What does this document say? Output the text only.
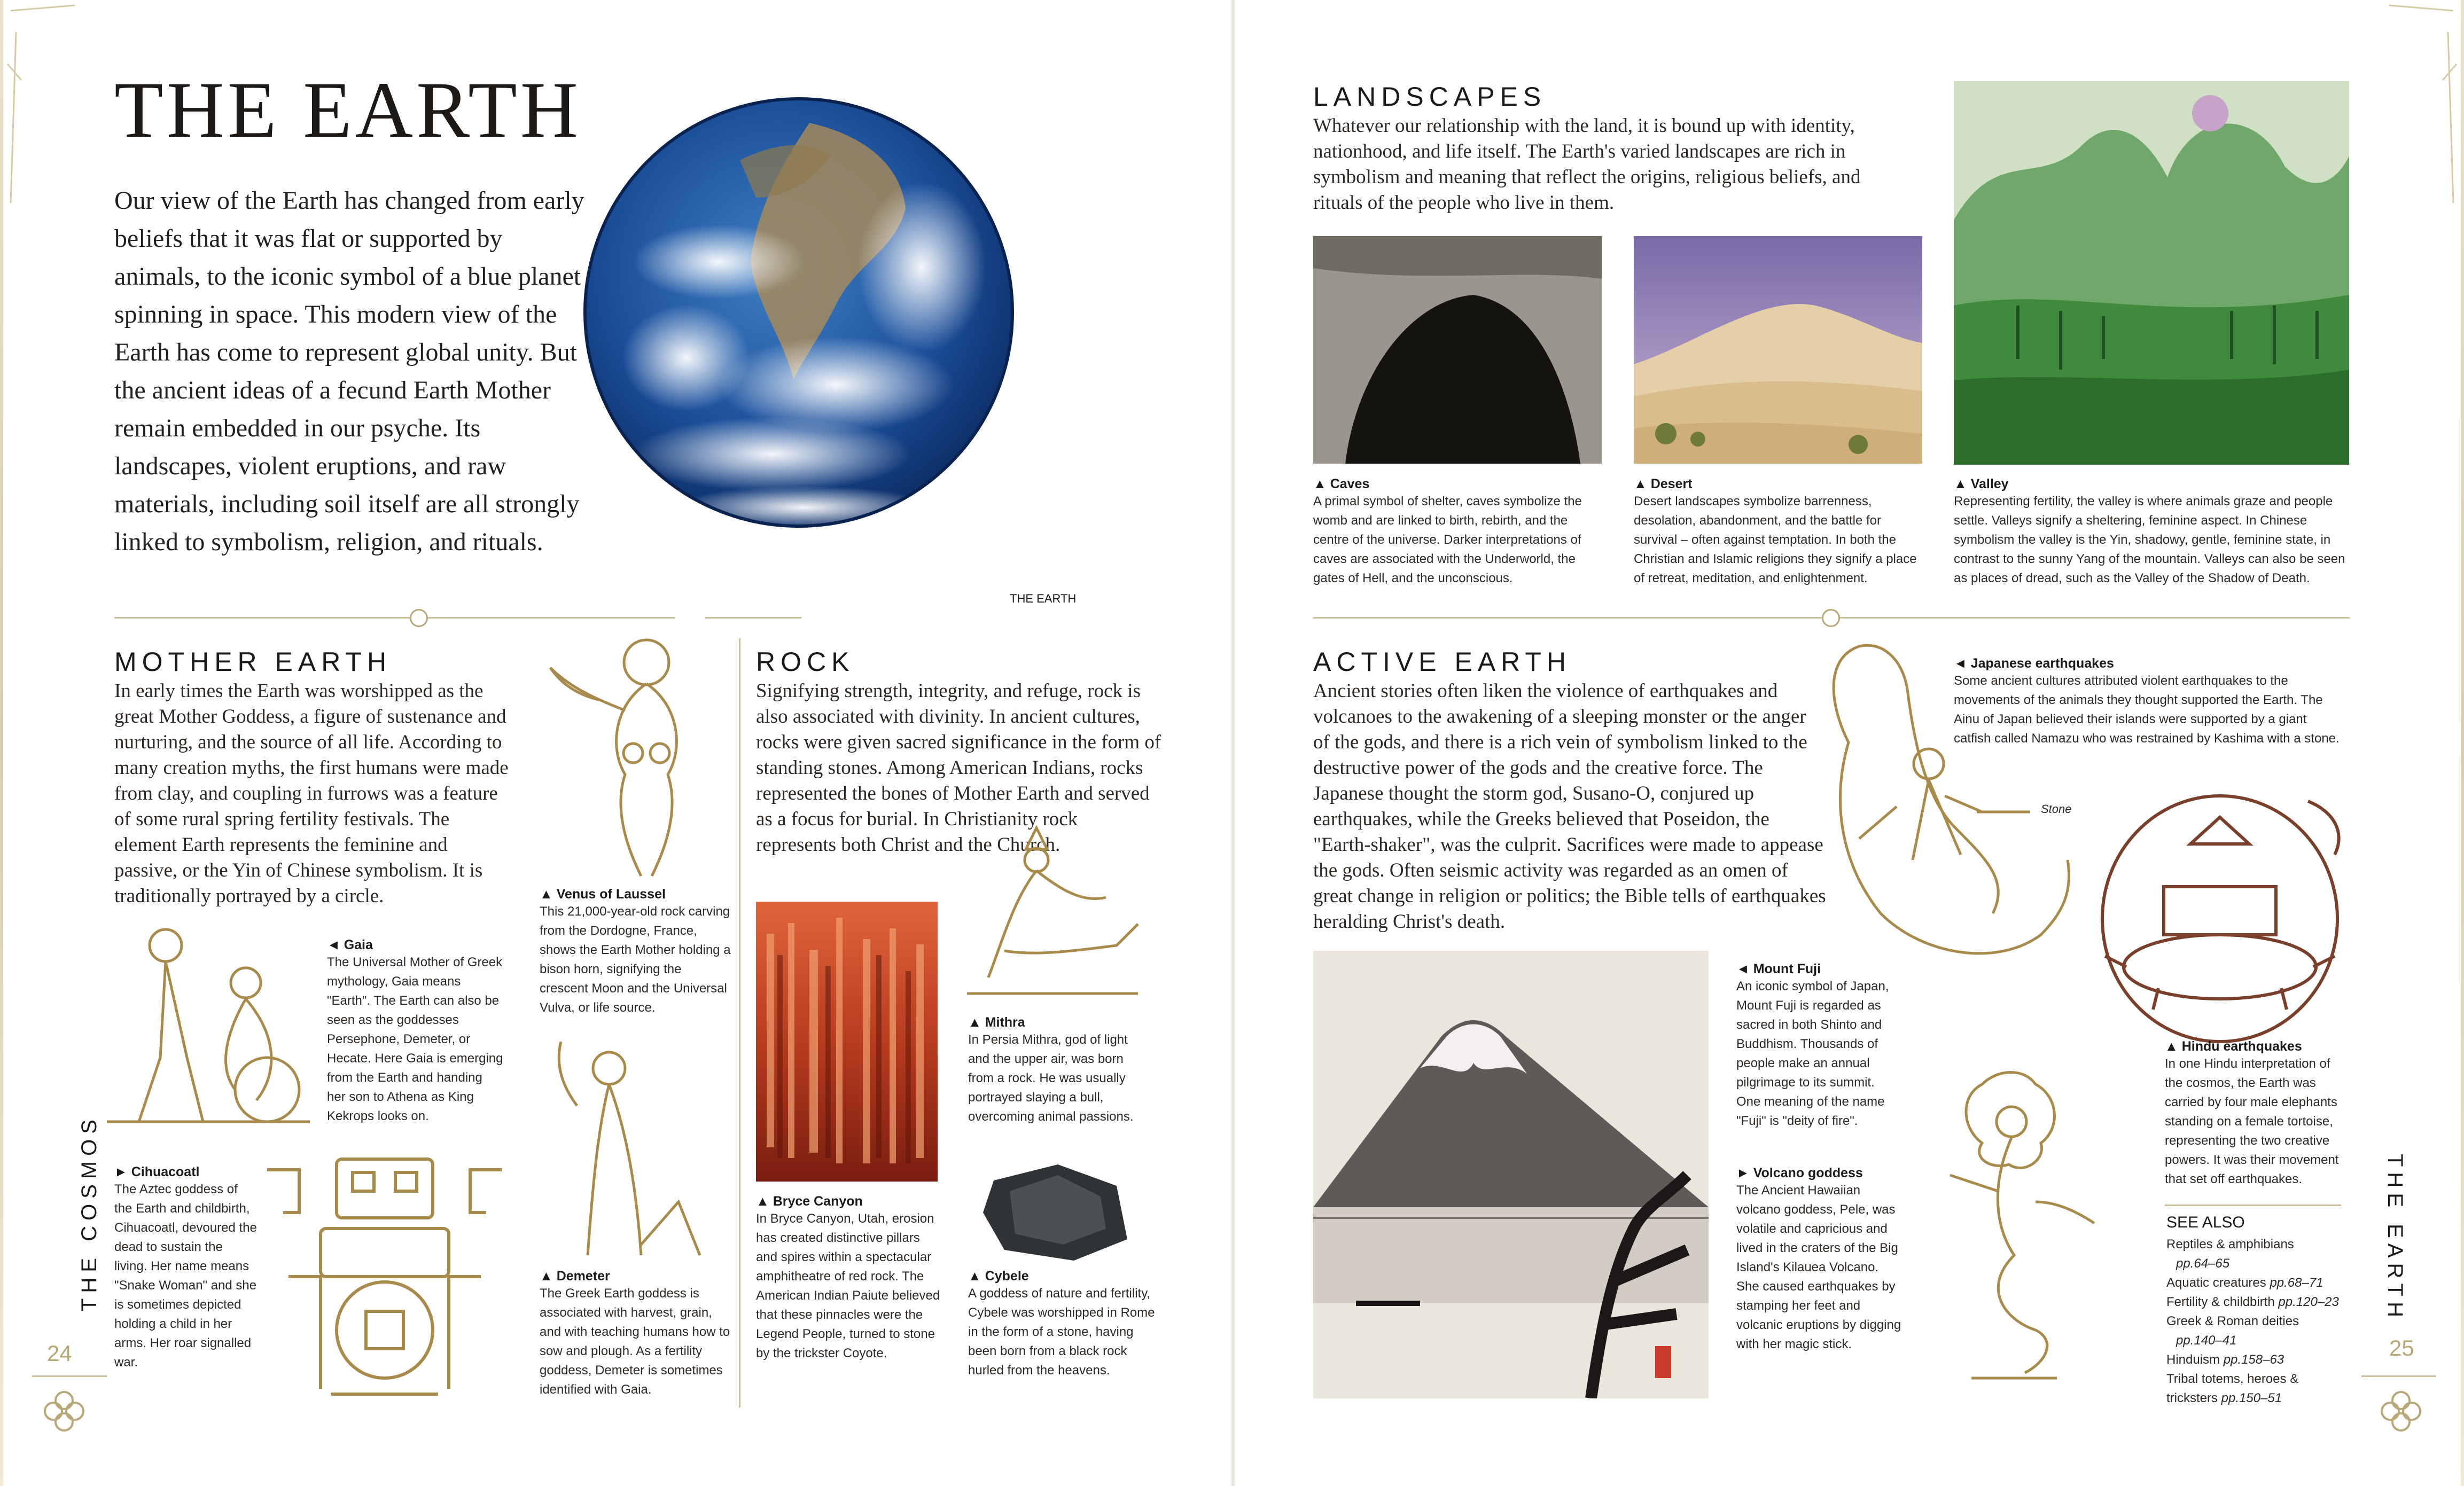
THE EARTH

Our view of the Earth has changed from early beliefs that it was flat or supported by animals, to the iconic symbol of a blue planet spinning in space. This modern view of the Earth has come to represent global unity. But the ancient ideas of a fecund Earth Mother remain embedded in our psyche. Its landscapes, violent eruptions, and raw materials, including soil itself are all strongly linked to symbolism, religion, and rituals.

THE EARTH
MOTHER EARTH

In early times the Earth was worshipped as the great Mother Goddess, a figure of sustenance and nurturing, and the source of all life. According to many creation myths, the first humans were made from clay, and coupling in furrows was a feature of some rural spring fertility festivals. The element Earth represents the feminine and passive, or the Yin of Chinese symbolism. It is traditionally portrayed by a circle.	▲ Venus of Laussel

This 21,000-year-old rock carving from the Dordogne, France, shows the Earth Mother holding a bison horn, signifying the crescent Moon and the Universal Vulva, or life source.

◄ Gaia

The Universal Mother of Greek mythology, Gaia means "Earth". The Earth can also be seen as the goddesses Persephone, Demeter, or Hecate. Here Gaia is emerging from the Earth and handing her son to Athena as King Kekrops looks on.

► Cihuacoatl

The Aztec goddess of the Earth and childbirth, Cihuacoatl, devoured the dead to sustain the living. Her name means "Snake Woman" and she is sometimes depicted holding a child in her arms. Her roar signalled war.

▲ Demeter

The Greek Earth goddess is associated with harvest, grain, and with teaching humans how to sow and plough. As a fertility goddess, Demeter is sometimes identified with Gaia.

ROCK

Signifying strength, integrity, and refuge, rock is also associated with divinity. In ancient cultures, rocks were given sacred significance in the form of standing stones. Among American Indians, rocks represented the bones of Mother Earth and served as a focus for burial. In Christianity rock represents both Christ and the Church.

▲ Mithra

In Persia Mithra, god of light and the upper air, was born from a rock. He was usually portrayed slaying a bull, overcoming animal passions.

▲ Bryce Canyon

In Bryce Canyon, Utah, erosion has created distinctive pillars and spires within a spectacular amphitheatre of red rock. The American Indian Paiute believed that these pinnacles were the Legend People, turned to stone by the trickster Coyote.

▲ Cybele

A goddess of nature and fertility, Cybele was worshipped in Rome in the form of a stone, having been born from a black rock hurled from the heavens.

THE COSMOS
24
LANDSCAPES

Whatever our relationship with the land, it is bound up with identity, nationhood, and life itself. The Earth's varied landscapes are rich in symbolism and meaning that reflect the origins, religious beliefs, and rituals of the people who live in them.

▲ Caves

A primal symbol of shelter, caves symbolize the womb and are linked to birth, rebirth, and the centre of the universe. Darker interpretations of caves are associated with the Underworld, the gates of Hell, and the unconscious.

▲ Desert

Desert landscapes symbolize barrenness, desolation, abandonment, and the battle for survival – often against temptation. In both the Christian and Islamic religions they signify a place of retreat, meditation, and enlightenment.

▲ Valley

Representing fertility, the valley is where animals graze and people settle. Valleys signify a sheltering, feminine aspect. In Chinese symbolism the valley is the Yin, shadowy, gentle, feminine state, in contrast to the sunny Yang of the mountain. Valleys can also be seen as places of dread, such as the Valley of the Shadow of Death.

ACTIVE EARTH

Ancient stories often liken the violence of earthquakes and volcanoes to the awakening of a sleeping monster or the anger of the gods, and there is a rich vein of symbolism linked to the destructive power of the gods and the creative force. The Japanese thought the storm god, Susano-O, conjured up earthquakes, while the Greeks believed that Poseidon, the "Earth-shaker", was the culprit. Sacrifices were made to appease the gods. Often seismic activity was regarded as an omen of great change in religion or politics; the Bible tells of earthquakes heralding Christ's death.

Stone

◄ Japanese earthquakes

Some ancient cultures attributed violent earthquakes to the movements of the animals they thought supported the Earth. The Ainu of Japan believed their islands were supported by a giant catfish called Namazu who was restrained by Kashima with a stone.

◄ Mount Fuji

An iconic symbol of Japan, Mount Fuji is regarded as sacred in both Shinto and Buddhism. Thousands of people make an annual pilgrimage to its summit. One meaning of the name "Fuji" is "deity of fire".

► Volcano goddess

The Ancient Hawaiian volcano goddess, Pele, was volatile and capricious and lived in the craters of the Big Island's Kilauea Volcano. She caused earthquakes by stamping her feet and volcanic eruptions by digging with her magic stick.

▲ Hindu earthquakes

In one Hindu interpretation of the cosmos, the Earth was carried by four male elephants standing on a female tortoise, representing the two creative powers. It was their movement that set off earthquakes.

SEE ALSO

Reptiles & amphibians
pp.64–65
Aquatic creatures pp.68–71
Fertility & childbirth pp.120–23
Greek & Roman deities
pp.140–41
Hinduism pp.158–63
Tribal totems, heroes & tricksters pp.150–51
THE EARTH
25
